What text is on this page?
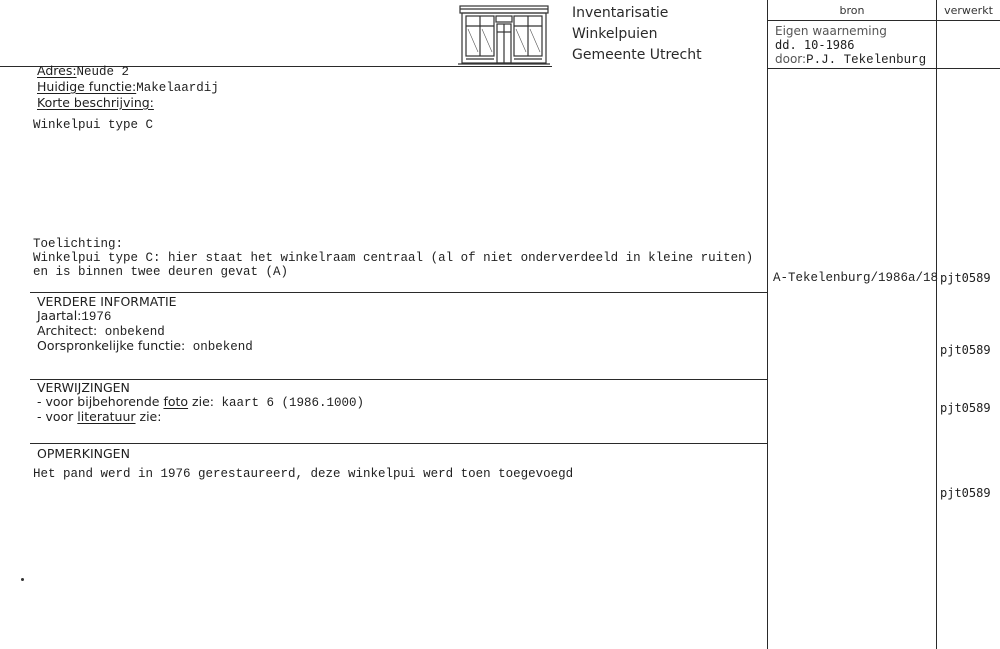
Inventarisatie
Winkelpuien
Gemeente Utrecht
bron	verwerkt
Eigen waarneming
dd. 10-1986
door:P.J. Tekelenburg
Adres:Neude 2
Huidige functie:Makelaardij
Korte beschrijving:
Winkelpui type C
Toelichting:
Winkelpui type C: hier staat het winkelraam centraal (al of niet onderverdeeld in kleine ruiten)
en is binnen twee deuren gevat (A)	A-Tekelenburg/1986a/18 pjt0589
VERDERE INFORMATIE
Jaartal:1976
Architect: onbekend
Oorspronkelijke functie: onbekend	pjt0589
VERWIJZINGEN
- voor bijbehorende foto zie: kaart 6 (1986.1000)
- voor literatuur zie:
pjt0589
OPMERKINGEN
Het pand werd in 1976 gerestaureerd, deze winkelpui werd toen toegevoegd
pjt0589
